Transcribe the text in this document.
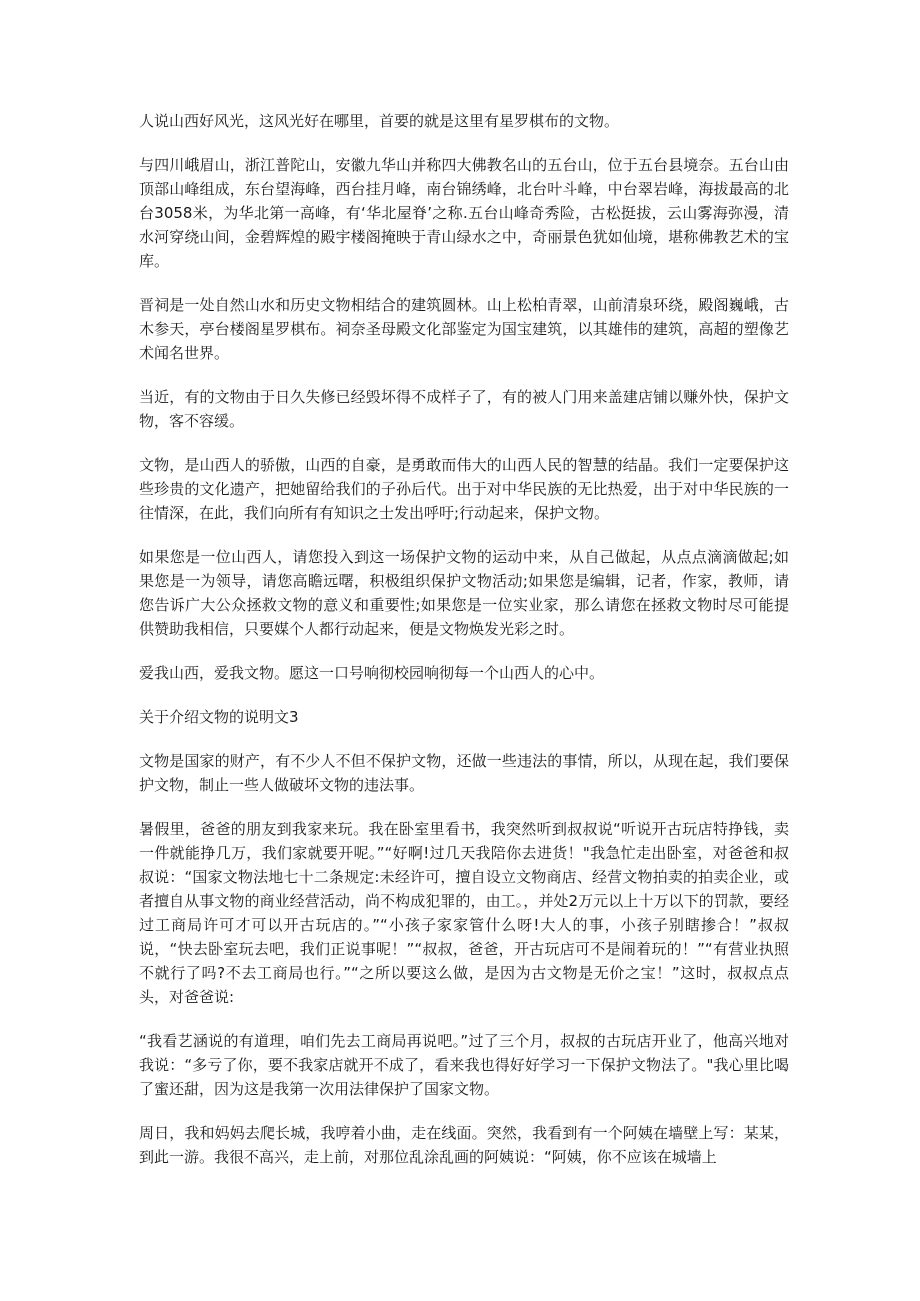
人说山西好风光，这风光好在哪里，首要的就是这里有星罗棋布的文物。

与四川峨眉山，浙江普陀山，安徽九华山并称四大佛教名山的五台山，位于五台县境奈。五台山由顶部山峰组成，东台望海峰，西台挂月峰，南台锦绣峰，北台叶斗峰，中台翠岩峰，海拔最高的北台3058米，为华北第一高峰，有‘华北屋脊’之称.五台山峰奇秀险，古松挺拔，云山雾海弥漫，清水河穿绕山间，金碧辉煌的殿宇楼阁掩映于青山绿水之中，奇丽景色犹如仙境，堪称佛教艺术的宝库。

晋祠是一处自然山水和历史文物相结合的建筑圆林。山上松柏青翠，山前清泉环绕，殿阁巍峨，古木参天，亭台楼阁星罗棋布。祠奈圣母殿文化部鉴定为国宝建筑，以其雄伟的建筑，高超的塑像艺术闻名世界。

当近，有的文物由于日久失修已经毁坏得不成样子了，有的被人门用来盖建店铺以赚外快，保护文物，客不容缓。

文物，是山西人的骄傲，山西的自豪，是勇敢而伟大的山西人民的智慧的结晶。我们一定要保护这些珍贵的文化遗产，把她留给我们的子孙后代。出于对中华民族的无比热爱，出于对中华民族的一往情深，在此，我们向所有有知识之士发出呼吁;行动起来，保护文物。

如果您是一位山西人，请您投入到这一场保护文物的运动中来，从自己做起，从点点滴滴做起;如果您是一为领导，请您高瞻远曙，积极组织保护文物活动;如果您是编辑，记者，作家，教师，请您告诉广大公众拯救文物的意义和重要性;如果您是一位实业家，那么请您在拯救文物时尽可能提供赞助我相信，只要媒个人都行动起来，便是文物焕发光彩之时。

爱我山西，爱我文物。愿这一口号响彻校园响彻每一个山西人的心中。

关于介绍文物的说明文3

文物是国家的财产，有不少人不但不保护文物，还做一些违法的事情，所以，从现在起，我们要保护文物，制止一些人做破坏文物的违法事。

暑假里，爸爸的朋友到我家来玩。我在卧室里看书，我突然听到叔叔说“听说开古玩店特挣钱，卖一件就能挣几万，我们家就要开呢。”“好啊!过几天我陪你去进货！"我急忙走出卧室，对爸爸和叔叔说：“国家文物法地七十二条规定:未经许可，擅自设立文物商店、经营文物拍卖的拍卖企业，或者擅自从事文物的商业经营活动，尚不构成犯罪的，由工。，并处2万元以上十万以下的罚款，要经过工商局许可才可以开古玩店的。”“小孩子家家管什么呀!大人的事，小孩子别瞎掺合！”叔叔说，“快去卧室玩去吧，我们正说事呢！”“叔叔，爸爸，开古玩店可不是闹着玩的！”“有营业执照不就行了吗?不去工商局也行。”“之所以要这么做，是因为古文物是无价之宝！”这时，叔叔点点头，对爸爸说:

“我看艺涵说的有道理，咱们先去工商局再说吧。”过了三个月，叔叔的古玩店开业了，他高兴地对我说：“多亏了你，要不我家店就开不成了，看来我也得好好学习一下保护文物法了。"我心里比喝了蜜还甜，因为这是我第一次用法律保护了国家文物。

周日，我和妈妈去爬长城，我哼着小曲，走在线面。突然，我看到有一个阿姨在墙壁上写：某某，到此一游。我很不高兴，走上前，对那位乱涂乱画的阿姨说：“阿姨，你不应该在城墙上
